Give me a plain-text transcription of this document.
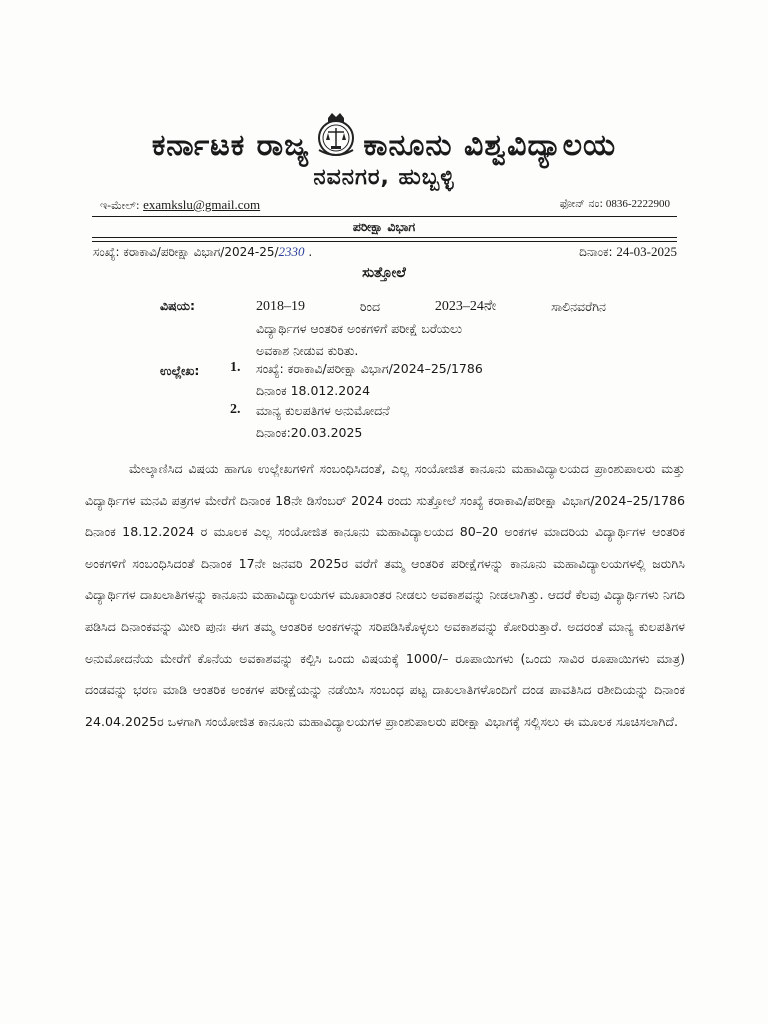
ಕರ್ನಾಟಕ ರಾಜ್ಯ ಕಾನೂನು ವಿಶ್ವವಿದ್ಯಾಲಯ
ನವನಗರ, ಹುಬ್ಬಳ್ಳಿ
ಇ-ಮೇಲ್: examkslu@gmail.com	ಫೋನ್ ನಂ: 0836-2222900
ಪರೀಕ್ಷಾ ವಿಭಾಗ
ಸಂಖ್ಯೆ: ಕರಾಕಾವಿ/ಪರೀಕ್ಷಾ ವಿಭಾಗ/2024-25/2330 .	ದಿನಾಂಕ: 24-03-2025
ಸುತ್ತೋಲೆ
ವಿಷಯ:	2018–19	ರಿಂದ	2023–24ನೇ	ಸಾಲಿನವರೆಗಿನ
ವಿದ್ಯಾರ್ಥಿಗಳ ಆಂತರಿಕ ಅಂಕಗಳಿಗೆ ಪರೀಕ್ಷೆ ಬರೆಯಲು
ಅವಕಾಶ ನೀಡುವ ಕುರಿತು.
ಉಲ್ಲೇಖ: 1. ಸಂಖ್ಯೆ: ಕರಾಕಾವಿ/ಪರೀಕ್ಷಾ ವಿಭಾಗ/2024–25/1786
ದಿನಾಂಕ 18.012.2024
2. ಮಾನ್ಯ ಕುಲಪತಿಗಳ ಅನುಮೋದನೆ
ದಿನಾಂಕ:20.03.2025
ಮೇಲ್ಕಾಣಿಸಿದ ವಿಷಯ ಹಾಗೂ ಉಲ್ಲೇಖಗಳಿಗೆ ಸಂಬಂಧಿಸಿದಂತೆ, ಎಲ್ಲ ಸಂಯೋಜಿತ ಕಾನೂನು ಮಹಾವಿದ್ಯಾಲಯದ ಪ್ರಾಂಶುಪಾಲರು ಮತ್ತು ವಿದ್ಯಾರ್ಥಿಗಳ ಮನವಿ ಪತ್ರಗಳ ಮೇರೆಗೆ ದಿನಾಂಕ 18ನೇ ಡಿಸೆಂಬರ್ 2024 ರಂದು ಸುತ್ತೋಲೆ ಸಂಖ್ಯೆ ಕರಾಕಾವಿ/ಪರೀಕ್ಷಾ ವಿಭಾಗ/2024–25/1786 ದಿನಾಂಕ 18.12.2024 ರ ಮೂಲಕ ಎಲ್ಲ ಸಂಯೋಜಿತ ಕಾನೂನು ಮಹಾವಿದ್ಯಾಲಯದ 80–20 ಅಂಕಗಳ ಮಾದರಿಯ ವಿದ್ಯಾರ್ಥಿಗಳ ಆಂತರಿಕ ಅಂಕಗಳಿಗೆ ಸಂಬಂಧಿಸಿದಂತೆ ದಿನಾಂಕ 17ನೇ ಜನವರಿ 2025ರ ವರೆಗೆ ತಮ್ಮ ಆಂತರಿಕ ಪರೀಕ್ಷೆಗಳನ್ನು ಕಾನೂನು ಮಹಾವಿದ್ಯಾಲಯಗಳಲ್ಲಿ ಜರುಗಿಸಿ ವಿದ್ಯಾರ್ಥಿಗಳ ದಾಖಲಾತಿಗಳನ್ನು ಕಾನೂನು ಮಹಾವಿದ್ಯಾಲಯಗಳ ಮೂಖಾಂತರ ನೀಡಲು ಅವಕಾಶವನ್ನು ನೀಡಲಾಗಿತ್ತು. ಆದರೆ ಕೆಲವು ವಿದ್ಯಾರ್ಥಿಗಳು ನಿಗದಿ ಪಡಿಸಿದ ದಿನಾಂಕವನ್ನು ಮೀರಿ ಪುನಃ ಈಗ ತಮ್ಮ ಆಂತರಿಕ ಅಂಕಗಳನ್ನು ಸರಿಪಡಿಸಿಕೊಳ್ಳಲು ಅವಕಾಶವನ್ನು ಕೋರಿರುತ್ತಾರೆ. ಅದರಂತೆ ಮಾನ್ಯ ಕುಲಪತಿಗಳ ಅನುಮೋದನೆಯ ಮೇರೆಗೆ ಕೊನೆಯ ಅವಕಾಶವನ್ನು ಕಲ್ಪಿಸಿ ಒಂದು ವಿಷಯಕ್ಕೆ 1000/– ರೂಪಾಯಿಗಳು (ಒಂದು ಸಾವಿರ ರೂಪಾಯಿಗಳು ಮಾತ್ರ) ದಂಡವನ್ನು ಭರಣ ಮಾಡಿ ಆಂತರಿಕ ಅಂಕಗಳ ಪರೀಕ್ಷೆಯನ್ನು ನಡೆಯಿಸಿ ಸಂಬಂಧ ಪಟ್ಟ ದಾಖಲಾತಿಗಳೊಂದಿಗೆ ದಂಡ ಪಾವತಿಸಿದ ರಶೀದಿಯನ್ನು ದಿನಾಂಕ 24.04.2025ರ ಒಳಗಾಗಿ ಸಂಯೋಜಿತ ಕಾನೂನು ಮಹಾವಿದ್ಯಾಲಯಗಳ ಪ್ರಾಂಶುಪಾಲರು ಪರೀಕ್ಷಾ ವಿಭಾಗಕ್ಕೆ ಸಲ್ಲಿಸಲು ಈ ಮೂಲಕ ಸೂಚಿಸಲಾಗಿದೆ.
